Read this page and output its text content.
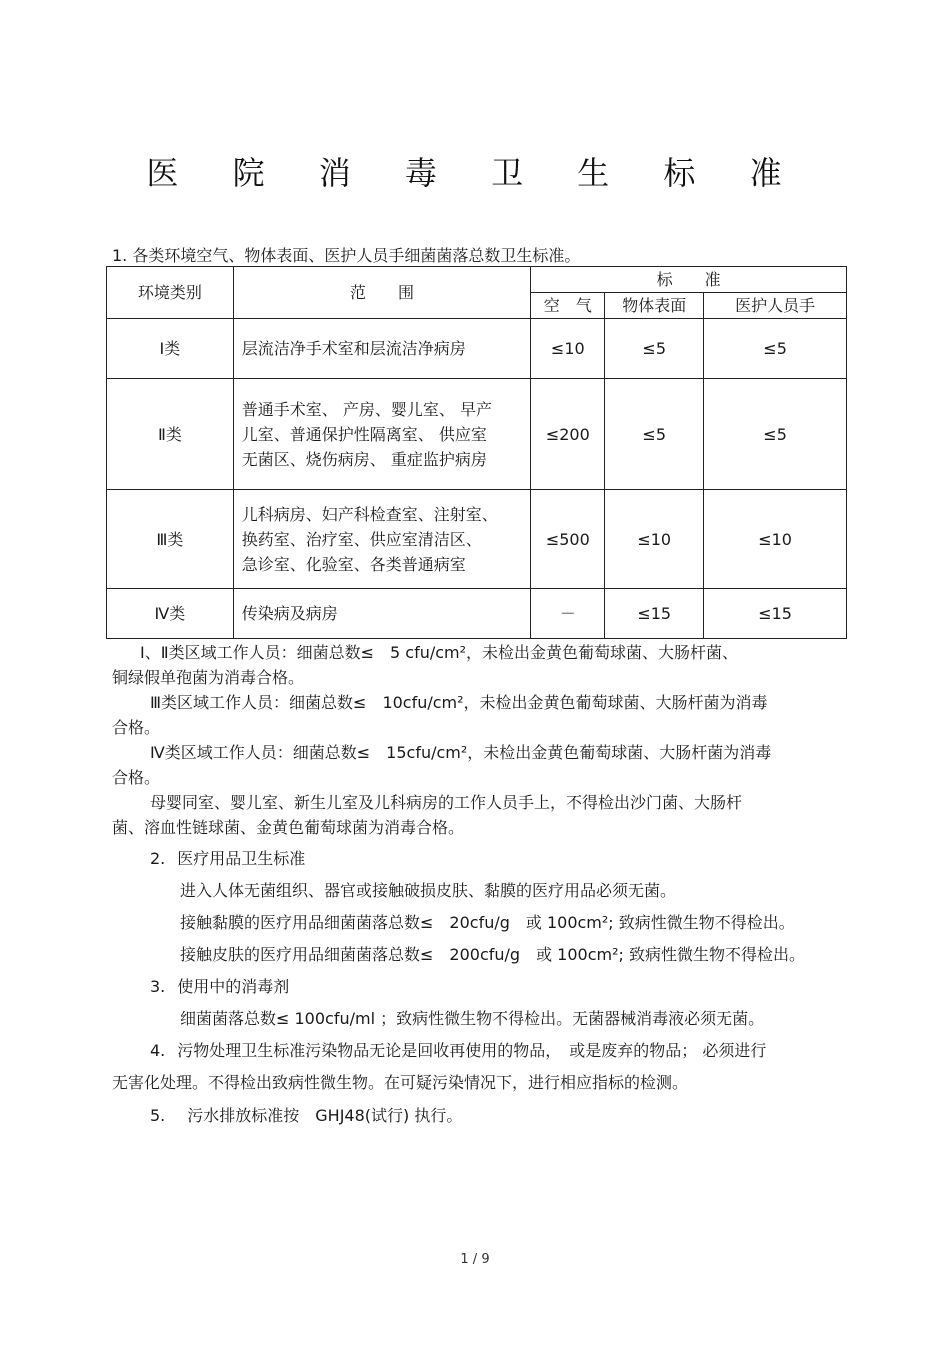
医 院 消 毒 卫 生 标 准
1. 各类环境空气、物体表面、医护人员手细菌菌落总数卫生标准。
环境类别	范　　围	标　　准		
		空　气	物体表面	医护人员手
Ⅰ类	层流洁净手术室和层流洁净病房	≤10	≤5	≤5
Ⅱ类	普通手术室、 产房、婴儿室、 早产
儿室、普通保护性隔离室、 供应室
无菌区、烧伤病房、 重症监护病房	≤200	≤5	≤5
Ⅲ类	儿科病房、妇产科检查室、注射室、
换药室、治疗室、供应室清洁区、
急诊室、化验室、各类普通病室	≤500	≤10	≤10
Ⅳ类	传染病及病房	－	≤15	≤15
Ⅰ、Ⅱ类区域工作人员：细菌总数≤　5 cfu/cm²，未检出金黄色葡萄球菌、大肠杆菌、
铜绿假单孢菌为消毒合格。
Ⅲ类区域工作人员：细菌总数≤　10cfu/cm²，未检出金黄色葡萄球菌、大肠杆菌为消毒
合格。
Ⅳ类区域工作人员：细菌总数≤　15cfu/cm²，未检出金黄色葡萄球菌、大肠杆菌为消毒
合格。
母婴同室、婴儿室、新生儿室及儿科病房的工作人员手上，不得检出沙门菌、大肠杆
菌、溶血性链球菌、金黄色葡萄球菌为消毒合格。
2. 医疗用品卫生标准
进入人体无菌组织、器官或接触破损皮肤、黏膜的医疗用品必须无菌。
接触黏膜的医疗用品细菌菌落总数≤　20cfu/g　或 100cm²; 致病性微生物不得检出。
接触皮肤的医疗用品细菌菌落总数≤　200cfu/g　或 100cm²; 致病性微生物不得检出。
3. 使用中的消毒剂
细菌菌落总数≤ 100cfu/ml ；致病性微生物不得检出。无菌器械消毒液必须无菌。
4. 污物处理卫生标准污染物品无论是回收再使用的物品，　或是废弃的物品； 必须进行
无害化处理。不得检出致病性微生物。在可疑污染情况下，进行相应指标的检测。
5. 污水排放标准按　GHJ48(试行) 执行。
1 / 9
